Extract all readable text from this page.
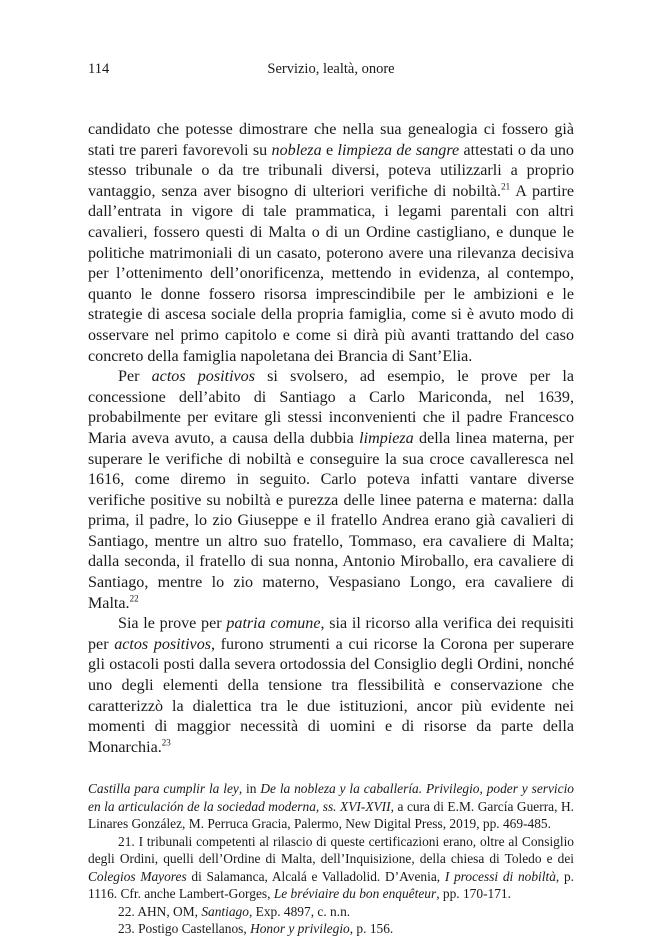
114	Servizio, lealtà, onore

candidato che potesse dimostrare che nella sua genealogia ci fossero già stati tre pareri favorevoli su nobleza e limpieza de sangre attestati o da uno stesso tribunale o da tre tribunali diversi, poteva utilizzarli a proprio vantaggio, senza aver bisogno di ulteriori verifiche di nobiltà.$^{21}$ A partire dall’entrata in vigore di tale prammatica, i legami parentali con altri cavalieri, fossero questi di Malta o di un Ordine castigliano, e dunque le politiche matrimoniali di un casato, poterono avere una rilevanza decisiva per l’ottenimento dell’onorificenza, mettendo in evidenza, al contempo, quanto le donne fossero risorsa imprescindibile per le ambizioni e le strategie di ascesa sociale della propria famiglia, come si è avuto modo di osservare nel primo capitolo e come si dirà più avanti trattando del caso concreto della famiglia napoletana dei Brancia di Sant’Elia.

Per actos positivos si svolsero, ad esempio, le prove per la concessione dell’abito di Santiago a Carlo Mariconda, nel 1639, probabilmente per evitare gli stessi inconvenienti che il padre Francesco Maria aveva avuto, a causa della dubbia limpieza della linea materna, per superare le verifiche di nobiltà e conseguire la sua croce cavalleresca nel 1616, come diremo in seguito. Carlo poteva infatti vantare diverse verifiche positive su nobiltà e purezza delle linee paterna e materna: dalla prima, il padre, lo zio Giuseppe e il fratello Andrea erano già cavalieri di Santiago, mentre un altro suo fratello, Tommaso, era cavaliere di Malta; dalla seconda, il fratello di sua nonna, Antonio Miroballo, era cavaliere di Santiago, mentre lo zio materno, Vespasiano Longo, era cavaliere di Malta.$^{22}$

Sia le prove per patria comune, sia il ricorso alla verifica dei requisiti per actos positivos, furono strumenti a cui ricorse la Corona per superare gli ostacoli posti dalla severa ortodossia del Consiglio degli Ordini, nonché uno degli elementi della tensione tra flessibilità e conservazione che caratterizzò la dialettica tra le due istituzioni, ancor più evidente nei momenti di maggior necessità di uomini e di risorse da parte della Monarchia.$^{23}$

Castilla para cumplir la ley, in De la nobleza y la caballería. Privilegio, poder y servicio en la articulación de la sociedad moderna, ss. XVI-XVII, a cura di E.M. García Guerra, H. Linares González, M. Perruca Gracia, Palermo, New Digital Press, 2019, pp. 469-485.

21. I tribunali competenti al rilascio di queste certificazioni erano, oltre al Consiglio degli Ordini, quelli dell’Ordine di Malta, dell’Inquisizione, della chiesa di Toledo e dei Colegios Mayores di Salamanca, Alcalá e Valladolid. D’Avenia, I processi di nobiltà, p. 1116. Cfr. anche Lambert-Gorges, Le bréviaire du bon enquêteur, pp. 170-171.

22. AHN, OM, Santiago, Exp. 4897, c. n.n.

23. Postigo Castellanos, Honor y privilegio, p. 156.
